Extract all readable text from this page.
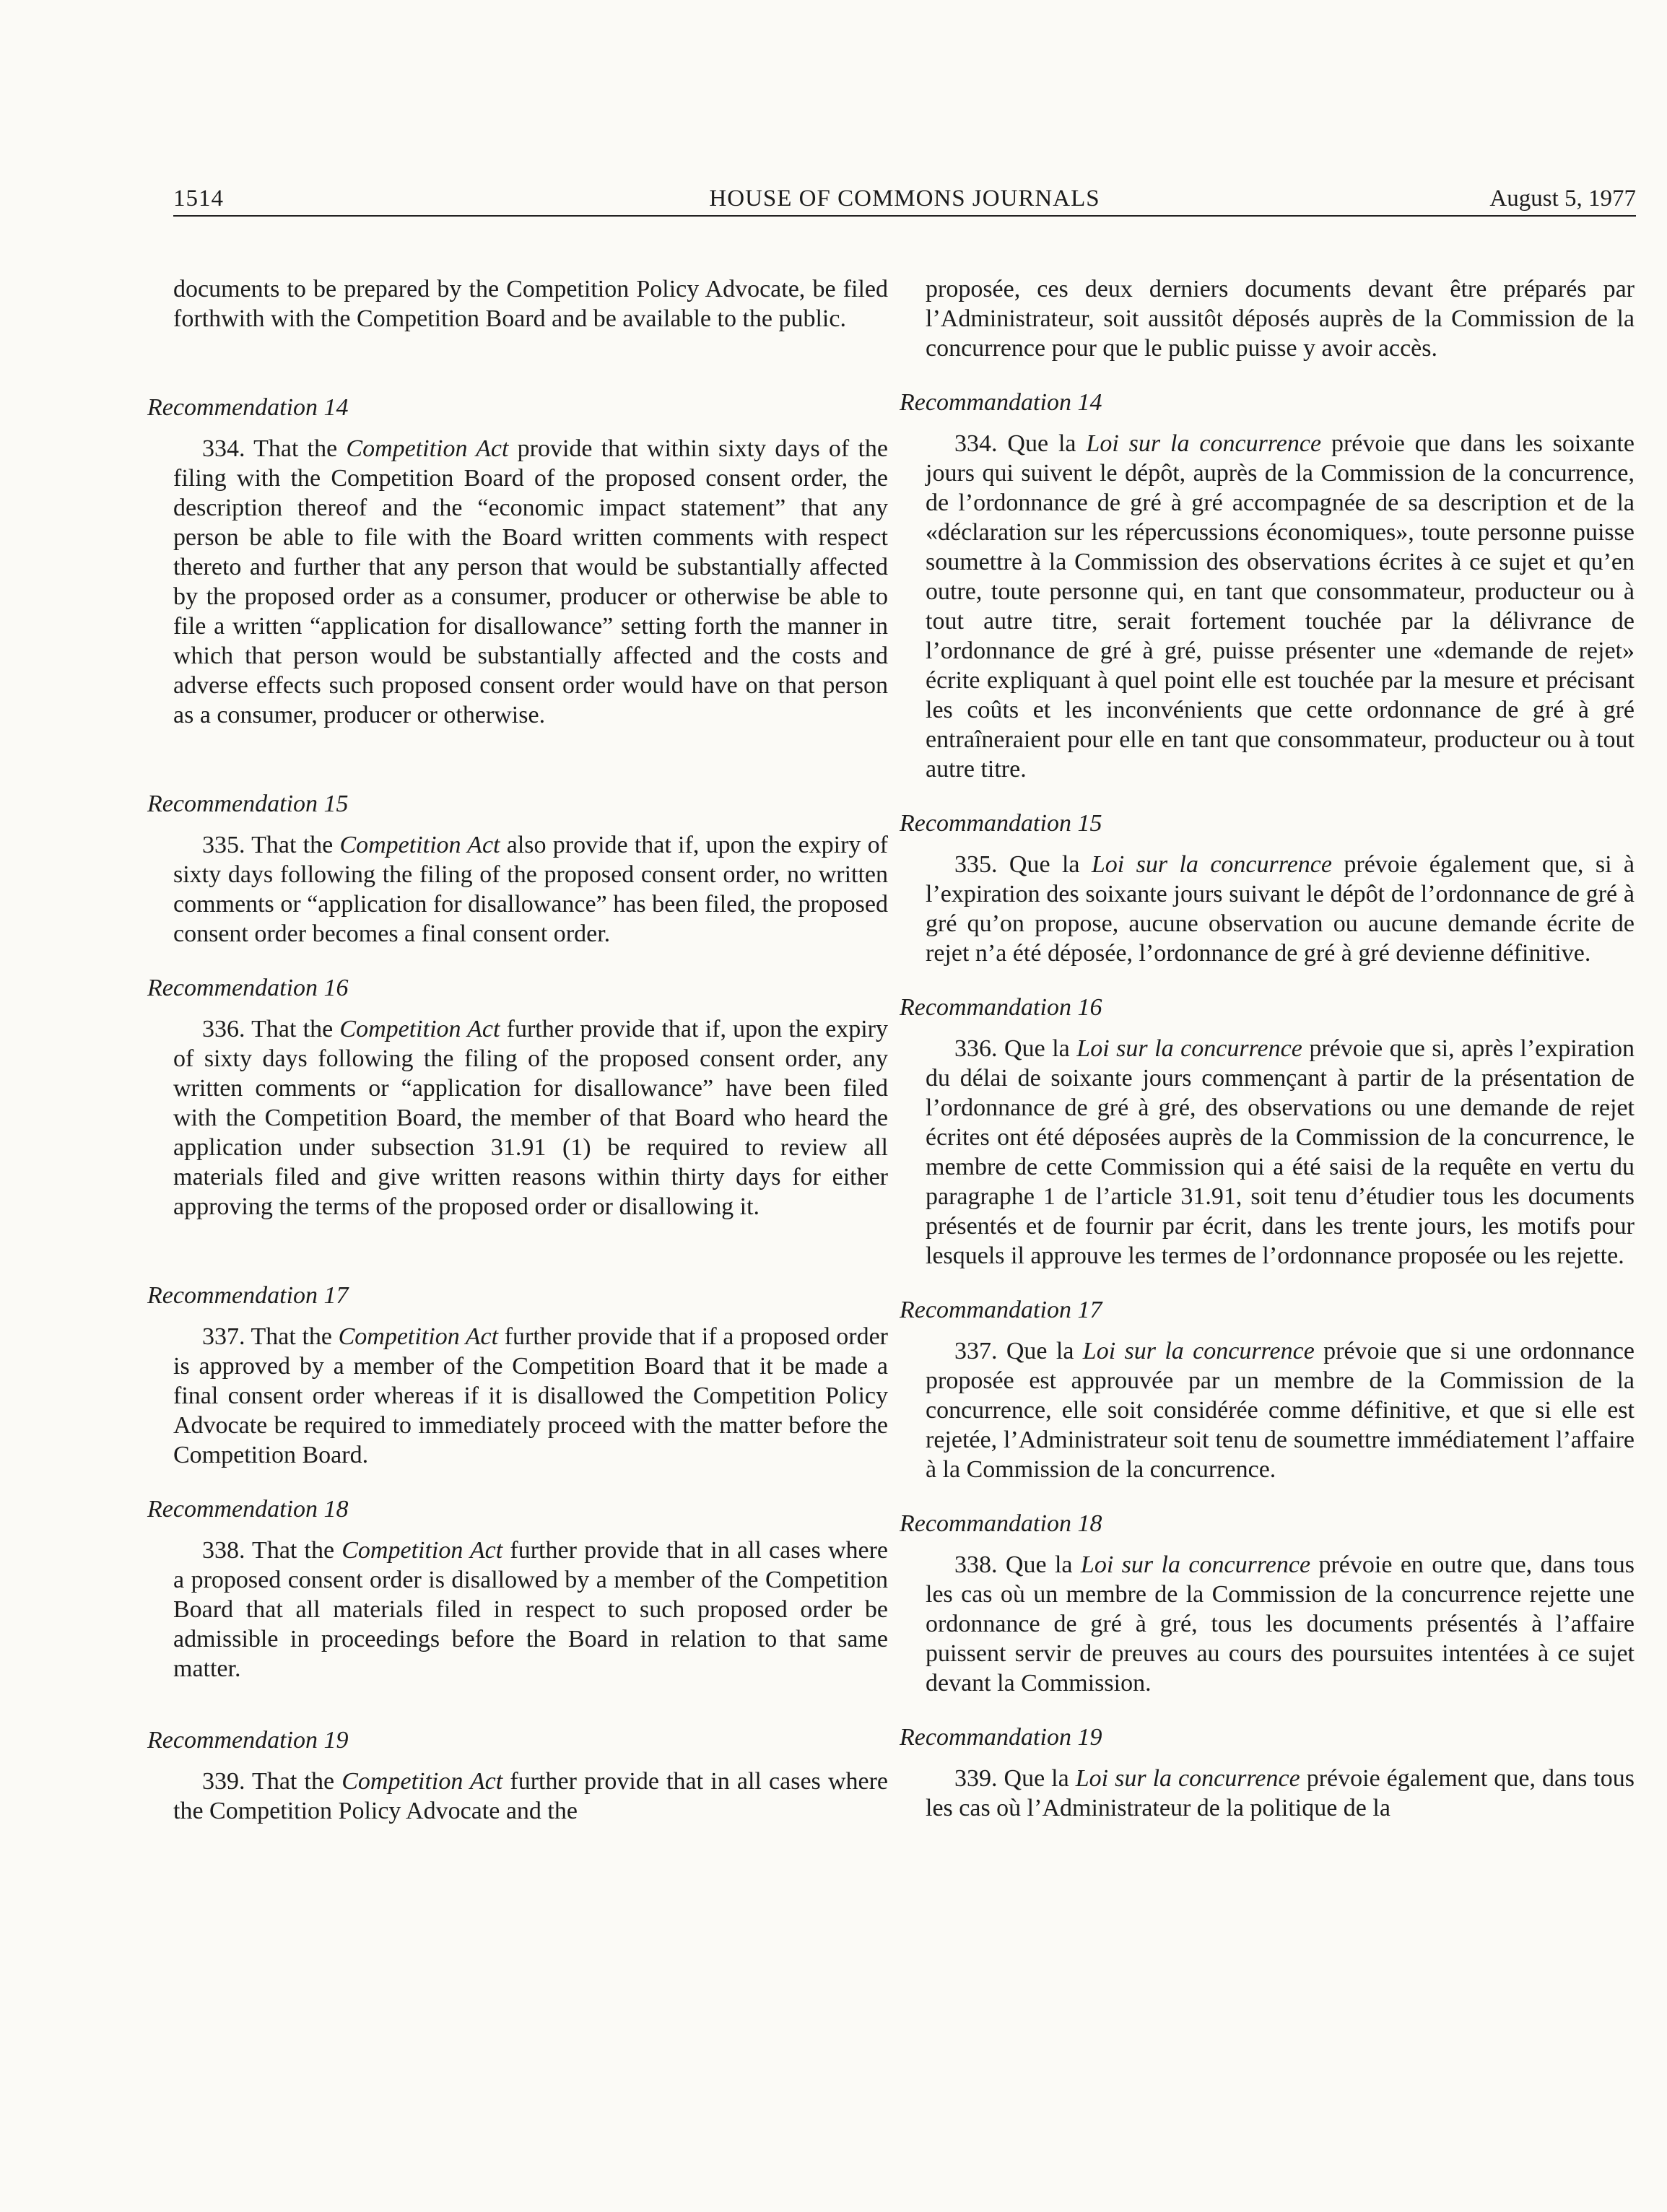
1514	HOUSE OF COMMONS JOURNALS	August 5, 1977
documents to be prepared by the Competition Policy Advocate, be filed forthwith with the Competition Board and be available to the public.
Recommendation 14
334. That the Competition Act provide that within sixty days of the filing with the Competition Board of the proposed consent order, the description thereof and the “economic impact statement” that any person be able to file with the Board written comments with respect thereto and further that any person that would be substantially affected by the proposed order as a consumer, producer or otherwise be able to file a written “application for disallowance” setting forth the manner in which that person would be substantially affected and the costs and adverse effects such proposed consent order would have on that person as a consumer, producer or otherwise.
Recommendation 15
335. That the Competition Act also provide that if, upon the expiry of sixty days following the filing of the proposed consent order, no written comments or “application for disallowance” has been filed, the proposed consent order becomes a final consent order.
Recommendation 16
336. That the Competition Act further provide that if, upon the expiry of sixty days following the filing of the proposed consent order, any written comments or “application for disallowance” have been filed with the Competition Board, the member of that Board who heard the application under subsection 31.91 (1) be required to review all materials filed and give written reasons within thirty days for either approving the terms of the proposed order or disallowing it.
Recommendation 17
337. That the Competition Act further provide that if a proposed order is approved by a member of the Competition Board that it be made a final consent order whereas if it is disallowed the Competition Policy Advocate be required to immediately proceed with the matter before the Competition Board.
Recommendation 18
338. That the Competition Act further provide that in all cases where a proposed consent order is disallowed by a member of the Competition Board that all materials filed in respect to such proposed order be admissible in proceedings before the Board in relation to that same matter.
Recommendation 19
339. That the Competition Act further provide that in all cases where the Competition Policy Advocate and the
proposée, ces deux derniers documents devant être préparés par l’Administrateur, soit aussitôt déposés auprès de la Commission de la concurrence pour que le public puisse y avoir accès.
Recommandation 14
334. Que la Loi sur la concurrence prévoie que dans les soixante jours qui suivent le dépôt, auprès de la Commission de la concurrence, de l’ordonnance de gré à gré accompagnée de sa description et de la «déclaration sur les répercussions économiques», toute personne puisse soumettre à la Commission des observations écrites à ce sujet et qu’en outre, toute personne qui, en tant que consommateur, producteur ou à tout autre titre, serait fortement touchée par la délivrance de l’ordonnance de gré à gré, puisse présenter une «demande de rejet» écrite expliquant à quel point elle est touchée par la mesure et précisant les coûts et les inconvénients que cette ordonnance de gré à gré entraîneraient pour elle en tant que consommateur, producteur ou à tout autre titre.
Recommandation 15
335. Que la Loi sur la concurrence prévoie également que, si à l’expiration des soixante jours suivant le dépôt de l’ordonnance de gré à gré qu’on propose, aucune observation ou aucune demande écrite de rejet n’a été déposée, l’ordonnance de gré à gré devienne définitive.
Recommandation 16
336. Que la Loi sur la concurrence prévoie que si, après l’expiration du délai de soixante jours commençant à partir de la présentation de l’ordonnance de gré à gré, des observations ou une demande de rejet écrites ont été déposées auprès de la Commission de la concurrence, le membre de cette Commission qui a été saisi de la requête en vertu du paragraphe 1 de l’article 31.91, soit tenu d’étudier tous les documents présentés et de fournir par écrit, dans les trente jours, les motifs pour lesquels il approuve les termes de l’ordonnance proposée ou les rejette.
Recommandation 17
337. Que la Loi sur la concurrence prévoie que si une ordonnance proposée est approuvée par un membre de la Commission de la concurrence, elle soit considérée comme définitive, et que si elle est rejetée, l’Administrateur soit tenu de soumettre immédiatement l’affaire à la Commission de la concurrence.
Recommandation 18
338. Que la Loi sur la concurrence prévoie en outre que, dans tous les cas où un membre de la Commission de la concurrence rejette une ordonnance de gré à gré, tous les documents présentés à l’affaire puissent servir de preuves au cours des poursuites intentées à ce sujet devant la Commission.
Recommandation 19
339. Que la Loi sur la concurrence prévoie également que, dans tous les cas où l’Administrateur de la politique de la
